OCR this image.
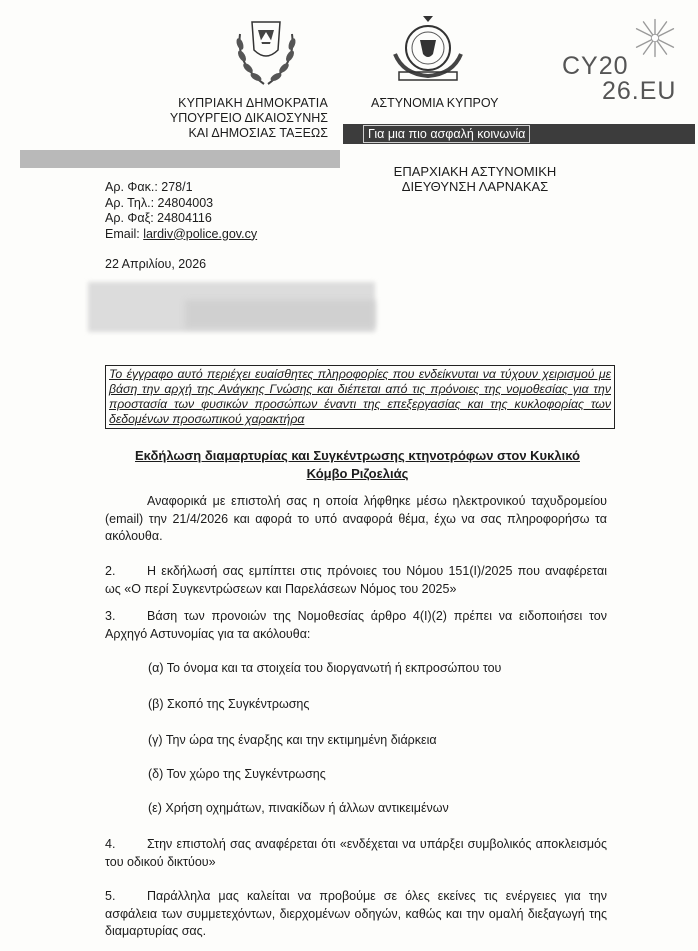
ΚΥΠΡΙΑΚΗ ΔΗΜΟΚΡΑΤΙΑ
ΥΠΟΥΡΓΕΙΟ ΔΙΚΑΙΟΣΥΝΗΣ
ΚΑΙ ΔΗΜΟΣΙΑΣ ΤΑΞΕΩΣ
ΑΣΤΥΝΟΜΙΑ ΚΥΠΡΟΥ
Για μια πιο ασφαλή κοινωνία
ΕΠΑΡΧΙΑΚΗ ΑΣΤΥΝΟΜΙΚΗ
ΔΙΕΥΘΥΝΣΗ ΛΑΡΝΑΚΑΣ
CY20
26.EU
Αρ. Φακ.: 278/1
Αρ. Τηλ.: 24804003
Αρ. Φαξ: 24804116
Email: lardiv@police.gov.cy
22 Απριλίου, 2026
Το έγγραφο αυτό περιέχει ευαίσθητες πληροφορίες που ενδείκνυται να τύχουν χειρισμού με βάση την αρχή της Ανάγκης Γνώσης και διέπεται από τις πρόνοιες της νομοθεσίας για την προστασία των φυσικών προσώπων έναντι της επεξεργασίας και της κυκλοφορίας των δεδομένων προσωπικού χαρακτήρα
Εκδήλωση διαμαρτυρίας και Συγκέντρωσης κτηνοτρόφων στον Κυκλικό
Κόμβο Ριζοελιάς
Αναφορικά με επιστολή σας η οποία λήφθηκε μέσω ηλεκτρονικού ταχυδρομείου (email) την 21/4/2026 και αφορά το υπό αναφορά θέμα, έχω να σας πληροφορήσω τα ακόλουθα.
2.	Η εκδήλωσή σας εμπίπτει στις πρόνοιες του Νόμου 151(Ι)/2025 που αναφέρεται ως «Ο περί Συγκεντρώσεων και Παρελάσεων Νόμος του 2025»
3.	Βάση των προνοιών της Νομοθεσίας άρθρο 4(Ι)(2) πρέπει να ειδοποιήσει τον Αρχηγό Αστυνομίας για τα ακόλουθα:
(α) Το όνομα και τα στοιχεία του διοργανωτή ή εκπροσώπου του
(β) Σκοπό της Συγκέντρωσης
(γ) Την ώρα της έναρξης και την εκτιμημένη διάρκεια
(δ) Τον χώρο της Συγκέντρωσης
(ε) Χρήση οχημάτων, πινακίδων ή άλλων αντικειμένων
4.	Στην επιστολή σας αναφέρεται ότι «ενδέχεται να υπάρξει συμβολικός αποκλεισμός του οδικού δικτύου»
5.	Παράλληλα μας καλείται να προβούμε σε όλες εκείνες τις ενέργειες για την ασφάλεια των συμμετεχόντων, διερχομένων οδηγών, καθώς και την ομαλή διεξαγωγή της διαμαρτυρίας σας.
